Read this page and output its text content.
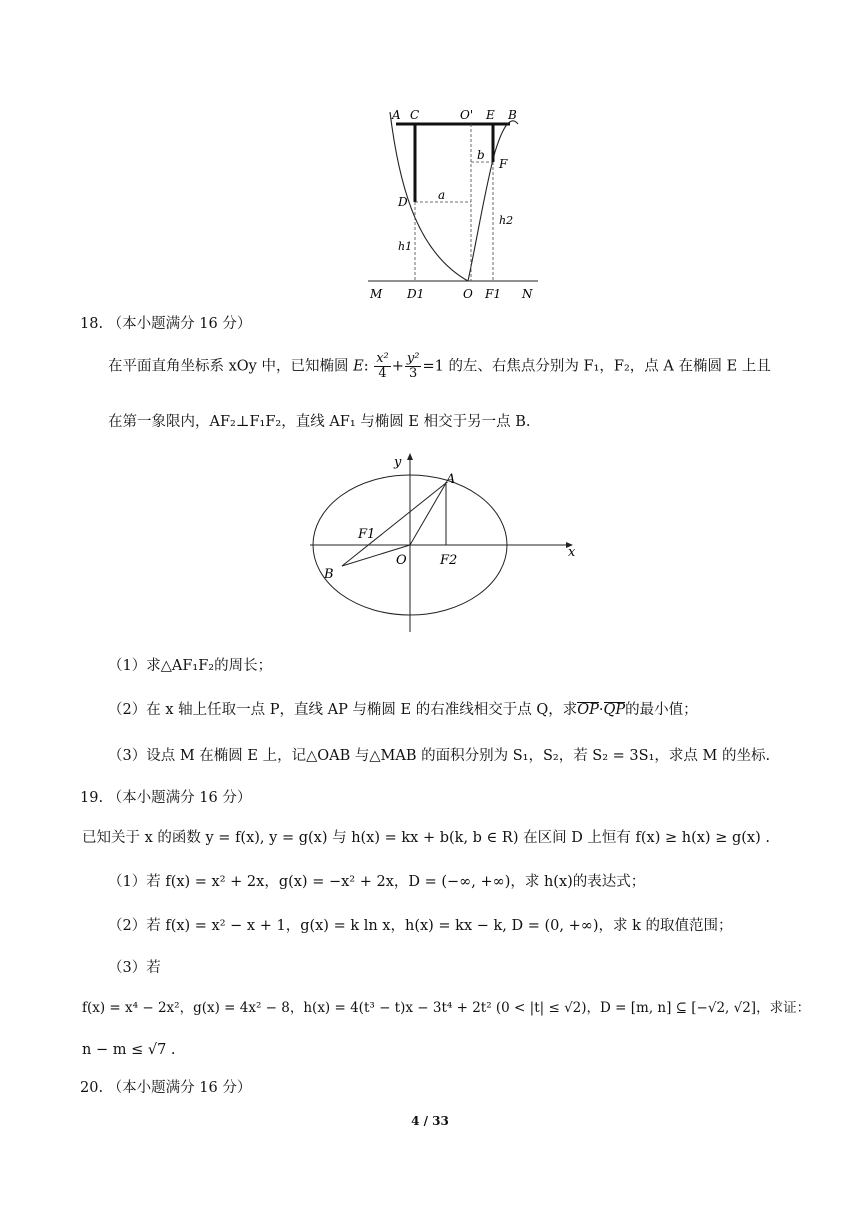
A C	O' E B
b
F
D	a
h2
h1
M D1	O F1 N
18. （本小题满分 16 分）
在平面直角坐标系 xOy 中，已知椭圆 E: $\frac{\text{x²}}{4} + \frac{\text{y²}}{3} =1$ 的左、右焦点分别为 F₁，F₂，点 A 在椭圆 E 上且
在第一象限内，AF₂⊥F₁F₂，直线 AF₁ 与椭圆 E 相交于另一点 B.
y
A
F1
O	F2
x
B
（1）求△AF₁F₂的周长；
（2）在 x 轴上任取一点 P，直线 AP 与椭圆 E 的右准线相交于点 Q，求OP·QP的最小值；
（3）设点 M 在椭圆 E 上，记△OAB 与△MAB 的面积分别为 S₁，S₂，若 S₂ = 3S₁，求点 M 的坐标.
19. （本小题满分 16 分）
已知关于 x 的函数 y = f(x), y = g(x) 与 h(x) = kx + b(k, b ∈ R) 在区间 D 上恒有 f(x) ≥ h(x) ≥ g(x) .
（1）若 f(x) = x² + 2x，g(x) = −x² + 2x，D = (−∞, +∞)，求 h(x)的表达式；
（2）若 f(x) = x² − x + 1，g(x) = k ln x，h(x) = kx − k, D = (0, +∞)，求 k 的取值范围；
（3）若
f(x) = x⁴ − 2x²，g(x) = 4x² − 8，h(x) = 4(t³ − t)x − 3t⁴ + 2t² (0 < |t| ≤ √2)，D = [m, n] ⊆ [−√2, √2]，求证：
n − m ≤ √7 .
20. （本小题满分 16 分）
4 / 33
